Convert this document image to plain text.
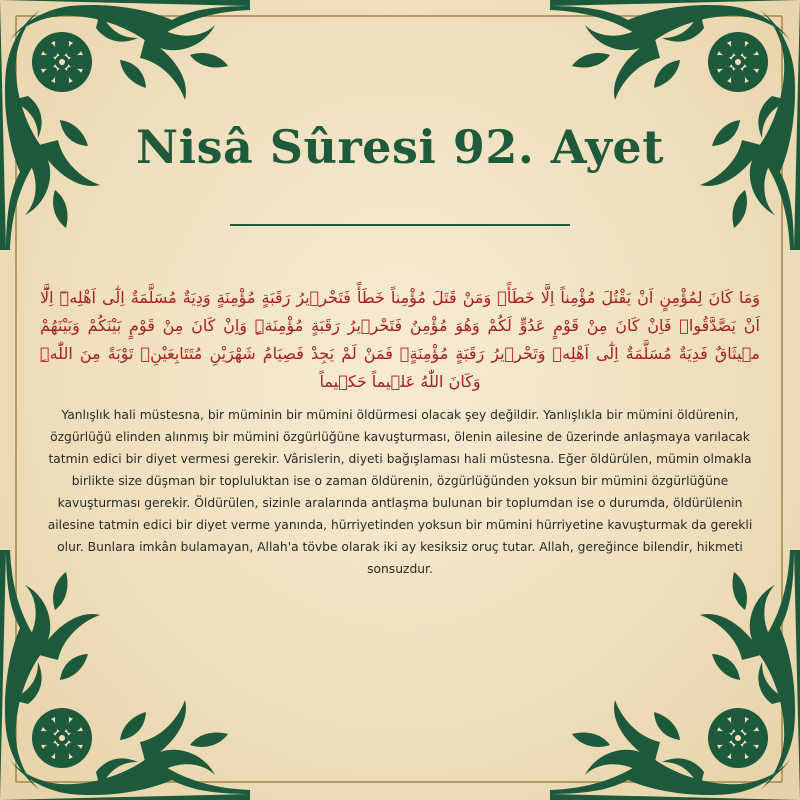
Nisâ Sûresi 92. Ayet
وَمَا كَانَ لِمُؤْمِنٍ اَنْ يَقْتُلَ مُؤْمِناً اِلَّا خَطَأًۚ وَمَنْ قَتَلَ مُؤْمِناً خَطَأً فَتَحْر۪يرُ رَقَبَةٍ مُؤْمِنَةٍ وَدِيَةٌ مُسَلَّمَةٌ اِلٰٓى اَهْلِه۪ٓ اِلَّٓا اَنْ يَصَّدَّقُواۜ فَاِنْ كَانَ مِنْ قَوْمٍ عَدُوٍّ لَكُمْ وَهُوَ مُؤْمِنٌ فَتَحْر۪يرُ رَقَبَةٍ مُؤْمِنَةٍۜ وَاِنْ كَانَ مِنْ قَوْمٍ بَيْنَكُمْ وَبَيْنَهُمْ م۪يثَاقٌ فَدِيَةٌ مُسَلَّمَةٌ اِلٰٓى اَهْلِه۪ وَتَحْر۪يرُ رَقَبَةٍ مُؤْمِنَةٍۚ فَمَنْ لَمْ يَجِدْ فَصِيَامُ شَهْرَيْنِ مُتَتَابِعَيْنِۘ تَوْبَةً مِنَ اللّٰهِۜ وَكَانَ اللّٰهُ عَل۪يماً حَك۪يماً
Yanlışlık hali müstesna, bir müminin bir mümini öldürmesi olacak şey değildir. Yanlışlıkla bir mümini öldürenin, özgürlüğü elinden alınmış bir mümini özgürlüğüne kavuşturması, ölenin ailesine de üzerinde anlaşmaya varılacak tatmin edici bir diyet vermesi gerekir. Vârislerin, diyeti bağışlaması hali müstesna. Eğer öldürülen, mümin olmakla birlikte size düşman bir topluluktan ise o zaman öldürenin, özgürlüğünden yoksun bir mümini özgürlüğüne kavuşturması gerekir. Öldürülen, sizinle aralarında antlaşma bulunan bir toplumdan ise o durumda, öldürülenin ailesine tatmin edici bir diyet verme yanında, hürriyetinden yoksun bir mümini hürriyetine kavuşturmak da gerekli olur. Bunlara imkân bulamayan, Allah'a tövbe olarak iki ay kesiksiz oruç tutar. Allah, gereğince bilendir, hikmeti sonsuzdur.
